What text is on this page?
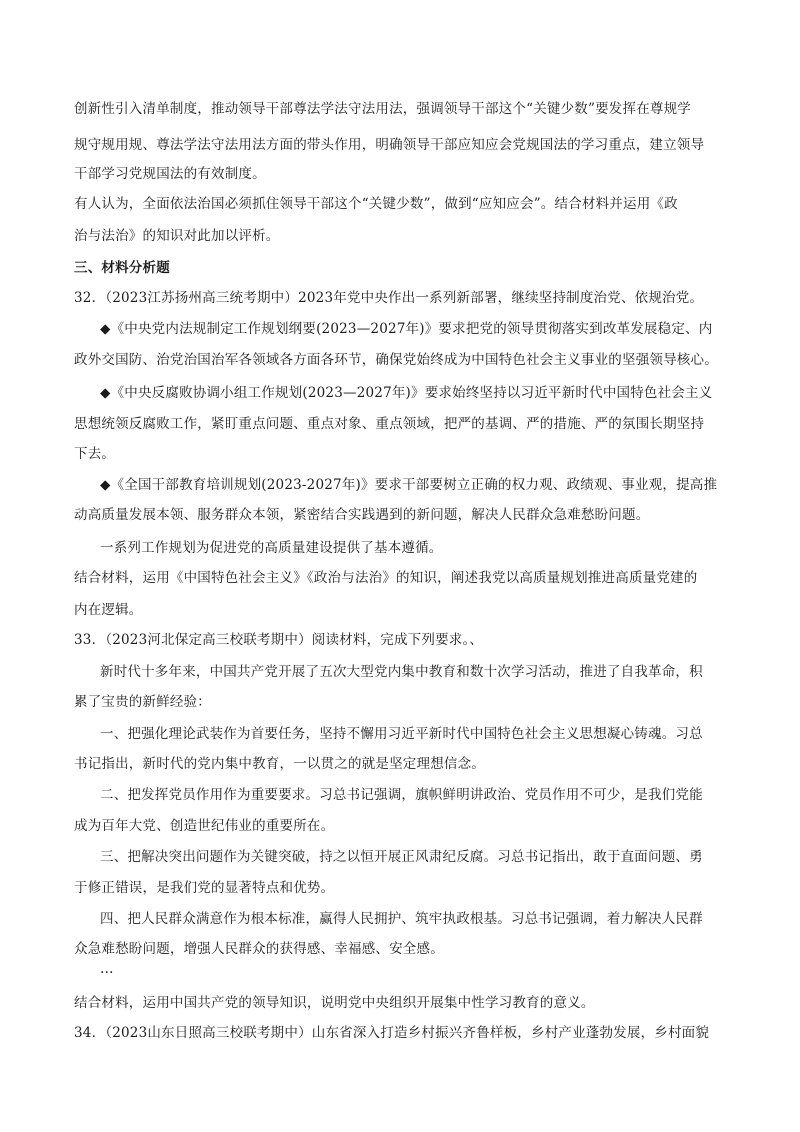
创新性引入清单制度，推动领导干部尊法学法守法用法，强调领导干部这个“关键少数”要发挥在尊规学
规守规用规、尊法学法守法用法方面的带头作用，明确领导干部应知应会党规国法的学习重点，建立领导
干部学习党规国法的有效制度。
有人认为，全面依法治国必须抓住领导干部这个“关键少数”，做到“应知应会”。结合材料并运用《政
治与法治》的知识对此加以评析。
三、材料分析题
32．（2023江苏扬州高三统考期中）2023年党中央作出一系列新部署，继续坚持制度治党、依规治党。
◆《中央党内法规制定工作规划纲要(2023—2027年)》要求把党的领导贯彻落实到改革发展稳定、内
政外交国防、治党治国治军各领域各方面各环节，确保党始终成为中国特色社会主义事业的坚强领导核心。
◆《中央反腐败协调小组工作规划(2023—2027年)》要求始终坚持以习近平新时代中国特色社会主义
思想统领反腐败工作，紧盯重点问题、重点对象、重点领域，把严的基调、严的措施、严的氛围长期坚持
下去。
◆《全国干部教育培训规划(2023-2027年)》要求干部要树立正确的权力观、政绩观、事业观，提高推
动高质量发展本领、服务群众本领，紧密结合实践遇到的新问题，解决人民群众急难愁盼问题。
一系列工作规划为促进党的高质量建设提供了基本遵循。
结合材料，运用《中国特色社会主义》《政治与法治》的知识，阐述我党以高质量规划推进高质量党建的
内在逻辑。
33．（2023河北保定高三校联考期中）阅读材料，完成下列要求。、
新时代十多年来，中国共产党开展了五次大型党内集中教育和数十次学习活动，推进了自我革命，积
累了宝贵的新鲜经验：
一、把强化理论武装作为首要任务，坚持不懈用习近平新时代中国特色社会主义思想凝心铸魂。习总
书记指出，新时代的党内集中教育，一以贯之的就是坚定理想信念。
二、把发挥党员作用作为重要要求。习总书记强调，旗帜鲜明讲政治、党员作用不可少，是我们党能
成为百年大党、创造世纪伟业的重要所在。
三、把解决突出问题作为关键突破，持之以恒开展正风肃纪反腐。习总书记指出，敢于直面问题、勇
于修正错误，是我们党的显著特点和优势。
四、把人民群众满意作为根本标准，赢得人民拥护、筑牢执政根基。习总书记强调，着力解决人民群
众急难愁盼问题，增强人民群众的获得感、幸福感、安全感。
…
结合材料，运用中国共产党的领导知识，说明党中央组织开展集中性学习教育的意义。
34．（2023山东日照高三校联考期中）山东省深入打造乡村振兴齐鲁样板，乡村产业蓬勃发展，乡村面貌
